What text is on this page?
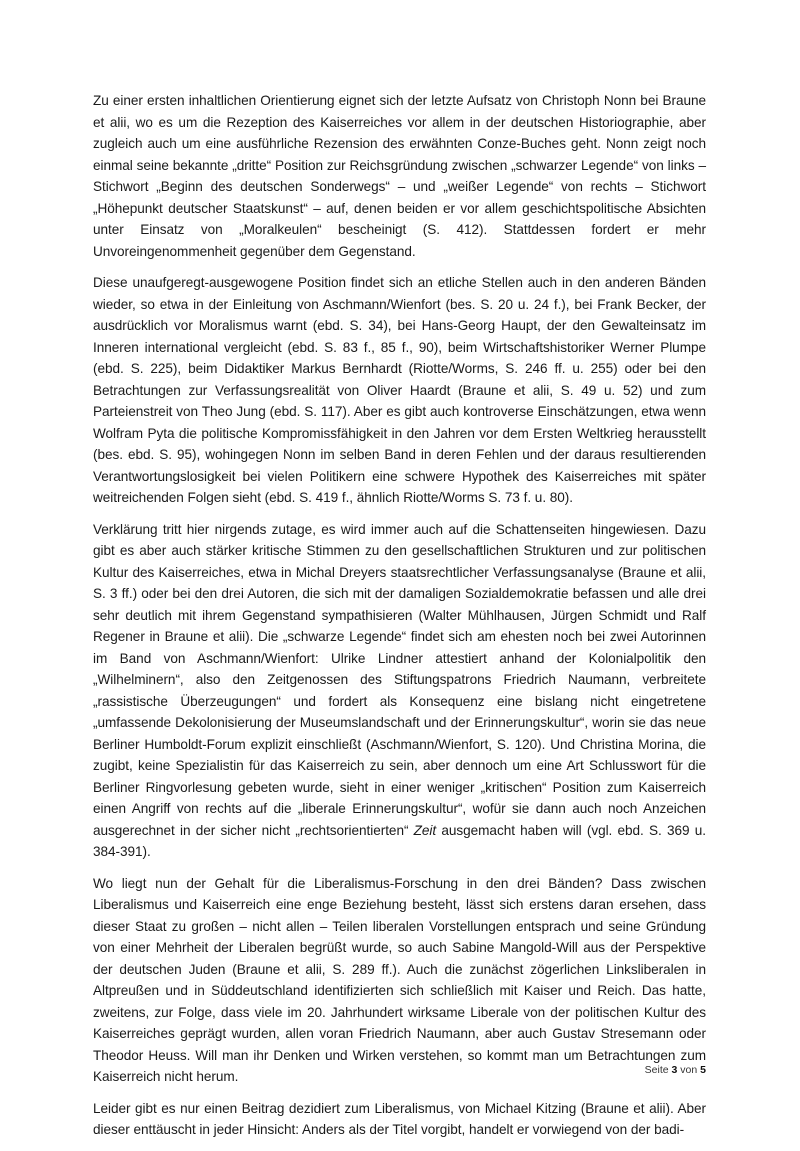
Zu einer ersten inhaltlichen Orientierung eignet sich der letzte Aufsatz von Christoph Nonn bei Braune et alii, wo es um die Rezeption des Kaiserreiches vor allem in der deutschen Historiographie, aber zugleich auch um eine ausführliche Rezension des erwähnten Conze-Buches geht. Nonn zeigt noch einmal seine bekannte „dritte“ Position zur Reichsgründung zwischen „schwarzer Legende“ von links – Stichwort „Beginn des deutschen Sonderwegs“ – und „weißer Legende“ von rechts – Stichwort „Höhepunkt deutscher Staatskunst“ – auf, denen beiden er vor allem geschichtspolitische Absichten unter Einsatz von „Moralkeulen“ bescheinigt (S. 412). Stattdessen fordert er mehr Unvoreingenommenheit gegenüber dem Gegenstand.

Diese unaufgeregt-ausgewogene Position findet sich an etliche Stellen auch in den anderen Bänden wieder, so etwa in der Einleitung von Aschmann/Wienfort (bes. S. 20 u. 24 f.), bei Frank Becker, der ausdrücklich vor Moralismus warnt (ebd. S. 34), bei Hans-Georg Haupt, der den Gewalteinsatz im Inneren international vergleicht (ebd. S. 83 f., 85 f., 90), beim Wirtschaftshistoriker Werner Plumpe (ebd. S. 225), beim Didaktiker Markus Bernhardt (Riotte/Worms, S. 246 ff. u. 255) oder bei den Betrachtungen zur Verfassungsrealität von Oliver Haardt (Braune et alii, S. 49 u. 52) und zum Parteienstreit von Theo Jung (ebd. S. 117). Aber es gibt auch kontroverse Einschätzungen, etwa wenn Wolfram Pyta die politische Kompromissfähigkeit in den Jahren vor dem Ersten Weltkrieg herausstellt (bes. ebd. S. 95), wohingegen Nonn im selben Band in deren Fehlen und der daraus resultierenden Verantwortungslosigkeit bei vielen Politikern eine schwere Hypothek des Kaiserreiches mit später weitreichenden Folgen sieht (ebd. S. 419 f., ähnlich Riotte/Worms S. 73 f. u. 80).

Verklärung tritt hier nirgends zutage, es wird immer auch auf die Schattenseiten hingewiesen. Dazu gibt es aber auch stärker kritische Stimmen zu den gesellschaftlichen Strukturen und zur politischen Kultur des Kaiserreiches, etwa in Michal Dreyers staatsrechtlicher Verfassungsanalyse (Braune et alii, S. 3 ff.) oder bei den drei Autoren, die sich mit der damaligen Sozialdemokratie befassen und alle drei sehr deutlich mit ihrem Gegenstand sympathisieren (Walter Mühlhausen, Jürgen Schmidt und Ralf Regener in Braune et alii). Die „schwarze Legende“ findet sich am ehesten noch bei zwei Autorinnen im Band von Aschmann/Wienfort: Ulrike Lindner attestiert anhand der Kolonialpolitik den „Wilhelminern“, also den Zeitgenossen des Stiftungspatrons Friedrich Naumann, verbreitete „rassistische Überzeugungen“ und fordert als Konsequenz eine bislang nicht eingetretene „umfassende Dekolonisierung der Museumslandschaft und der Erinnerungskultur“, worin sie das neue Berliner Humboldt-Forum explizit einschließt (Aschmann/Wienfort, S. 120). Und Christina Morina, die zugibt, keine Spezialistin für das Kaiserreich zu sein, aber dennoch um eine Art Schlusswort für die Berliner Ringvorlesung gebeten wurde, sieht in einer weniger „kritischen“ Position zum Kaiserreich einen Angriff von rechts auf die „liberale Erinnerungskultur“, wofür sie dann auch noch Anzeichen ausgerechnet in der sicher nicht „rechtsorientierten“ Zeit ausgemacht haben will (vgl. ebd. S. 369 u. 384-391).

Wo liegt nun der Gehalt für die Liberalismus-Forschung in den drei Bänden? Dass zwischen Liberalismus und Kaiserreich eine enge Beziehung besteht, lässt sich erstens daran ersehen, dass dieser Staat zu großen – nicht allen – Teilen liberalen Vorstellungen entsprach und seine Gründung von einer Mehrheit der Liberalen begrüßt wurde, so auch Sabine Mangold-Will aus der Perspektive der deutschen Juden (Braune et alii, S. 289 ff.). Auch die zunächst zögerlichen Linksliberalen in Altpreußen und in Süddeutschland identifizierten sich schließlich mit Kaiser und Reich. Das hatte, zweitens, zur Folge, dass viele im 20. Jahrhundert wirksame Liberale von der politischen Kultur des Kaiserreiches geprägt wurden, allen voran Friedrich Naumann, aber auch Gustav Stresemann oder Theodor Heuss. Will man ihr Denken und Wirken verstehen, so kommt man um Betrachtungen zum Kaiserreich nicht herum.

Leider gibt es nur einen Beitrag dezidiert zum Liberalismus, von Michael Kitzing (Braune et alii). Aber dieser enttäuscht in jeder Hinsicht: Anders als der Titel vorgibt, handelt er vorwiegend von der badi-

Seite 3 von 5
